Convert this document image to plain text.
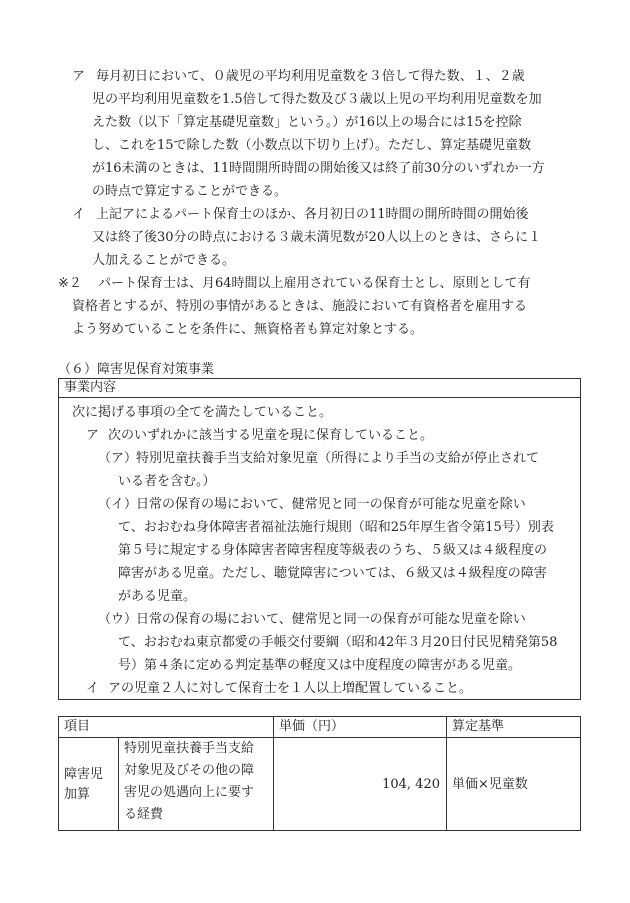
ア 毎月初日において、０歳児の平均利用児童数を３倍して得た数、１、２歳
児の平均利用児童数を1.5倍して得た数及び３歳以上児の平均利用児童数を加
えた数（以下「算定基礎児童数」という。）が16以上の場合には15を控除
し、これを15で除した数（小数点以下切り上げ）。ただし、算定基礎児童数
が16未満のときは、11時間開所時間の開始後又は終了前30分のいずれか一方
の時点で算定することができる。
イ 上記アによるパート保育士のほか、各月初日の11時間の開所時間の開始後
又は終了後30分の時点における３歳未満児数が20人以上のときは、さらに１
人加えることができる。
※２ パート保育士は、月64時間以上雇用されている保育士とし、原則として有
資格者とするが、特別の事情があるときは、施設において有資格者を雇用する
よう努めていることを条件に、無資格者も算定対象とする。
（６）障害児保育対策事業
事業内容
次に掲げる事項の全てを満たしていること。
ア 次のいずれかに該当する児童を現に保育していること。
（ア）
特別児童扶養手当支給対象児童（所得により手当の支給が停止されて
いる者を含む。）
（イ）
日常の保育の場において、健常児と同一の保育が可能な児童を除い
て、おおむね身体障害者福祉法施行規則（昭和25年厚生省令第15号）別表
第５号に規定する身体障害者障害程度等級表のうち、５級又は４級程度の
障害がある児童。ただし、聴覚障害については、６級又は４級程度の障害
がある児童。
（ウ）
日常の保育の場において、健常児と同一の保育が可能な児童を除い
て、おおむね東京都愛の手帳交付要綱（昭和42年３月20日付民児精発第58
号）第４条に定める判定基準の軽度又は中度程度の障害がある児童。
イ アの児童２人に対して保育士を１人以上増配置していること。
項目	単価（円）	算定基準
障害児
加算
特別児童扶養手当支給
対象児及びその他の障
害児の処遇向上に要す
る経費
104, 420 単価×児童数
